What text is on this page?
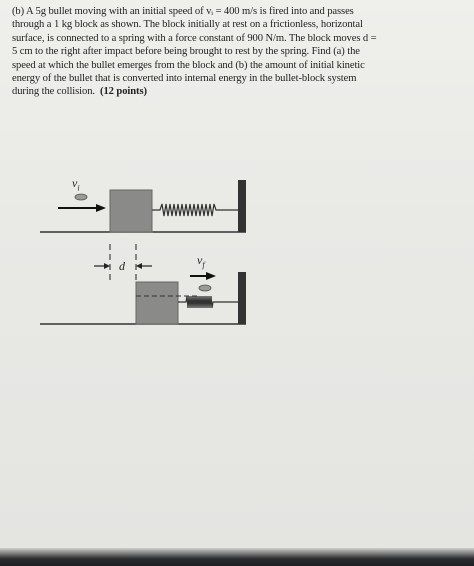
(b) A 5g bullet moving with an initial speed of vᵢ = 400 m/s is fired into and passes
through a 1 kg block as shown. The block initially at rest on a frictionless, horizontal
surface, is connected to a spring with a force constant of 900 N/m. The block moves d =
5 cm to the right after impact before being brought to rest by the spring. Find (a) the
speed at which the bullet emerges from the block and (b) the amount of initial kinetic
energy of the bullet that is converted into internal energy in the bullet-block system
during the collision. (12 points)
$v_i$
d	$v_f$
